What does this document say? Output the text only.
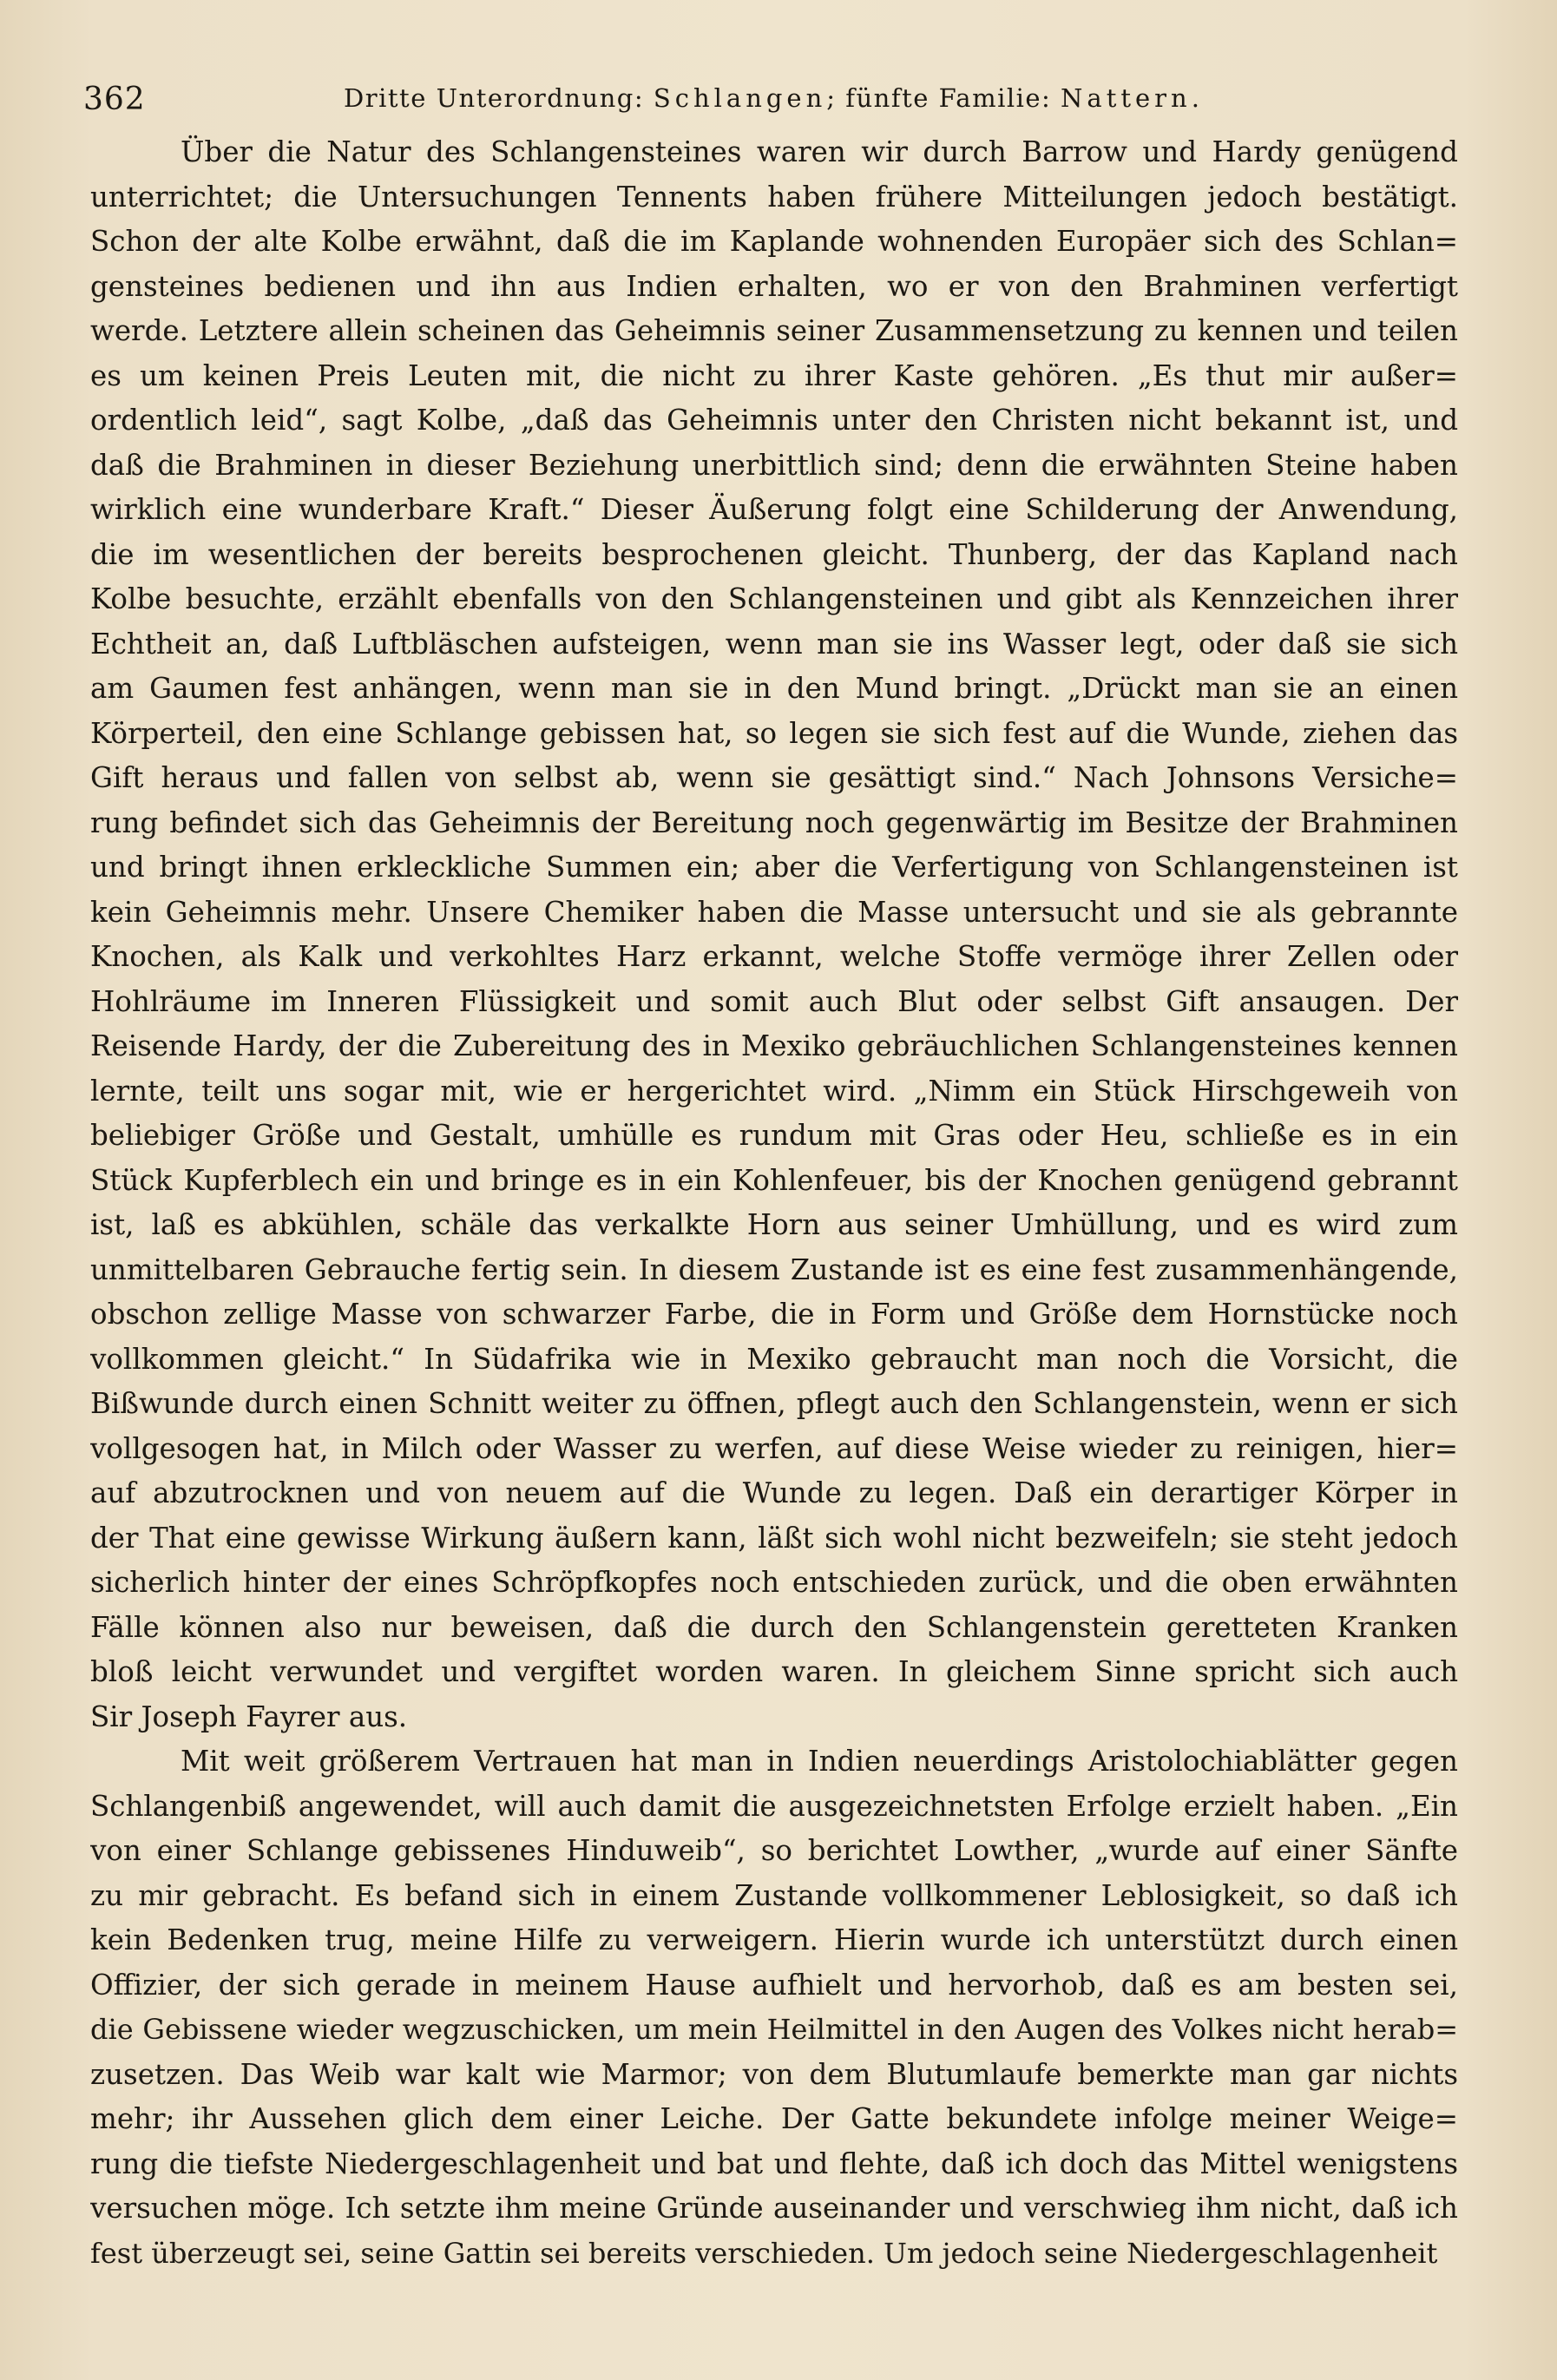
362	Dritte Unterordnung: Schlangen; fünfte Familie: Nattern.
Über die Natur des Schlangensteines waren wir durch Barrow und Hardy genügend
unterrichtet; die Untersuchungen Tennents haben frühere Mitteilungen jedoch bestätigt.
Schon der alte Kolbe erwähnt, daß die im Kaplande wohnenden Europäer sich des Schlan=
gensteines bedienen und ihn aus Indien erhalten, wo er von den Brahminen verfertigt
werde. Letztere allein scheinen das Geheimnis seiner Zusammensetzung zu kennen und teilen
es um keinen Preis Leuten mit, die nicht zu ihrer Kaste gehören. „Es thut mir außer=
ordentlich leid“, sagt Kolbe, „daß das Geheimnis unter den Christen nicht bekannt ist, und
daß die Brahminen in dieser Beziehung unerbittlich sind; denn die erwähnten Steine haben
wirklich eine wunderbare Kraft.“ Dieser Äußerung folgt eine Schilderung der Anwendung,
die im wesentlichen der bereits besprochenen gleicht. Thunberg, der das Kapland nach
Kolbe besuchte, erzählt ebenfalls von den Schlangensteinen und gibt als Kennzeichen ihrer
Echtheit an, daß Luftbläschen aufsteigen, wenn man sie ins Wasser legt, oder daß sie sich
am Gaumen fest anhängen, wenn man sie in den Mund bringt. „Drückt man sie an einen
Körperteil, den eine Schlange gebissen hat, so legen sie sich fest auf die Wunde, ziehen das
Gift heraus und fallen von selbst ab, wenn sie gesättigt sind.“ Nach Johnsons Versiche=
rung befindet sich das Geheimnis der Bereitung noch gegenwärtig im Besitze der Brahminen
und bringt ihnen erkleckliche Summen ein; aber die Verfertigung von Schlangensteinen ist
kein Geheimnis mehr. Unsere Chemiker haben die Masse untersucht und sie als gebrannte
Knochen, als Kalk und verkohltes Harz erkannt, welche Stoffe vermöge ihrer Zellen oder
Hohlräume im Inneren Flüssigkeit und somit auch Blut oder selbst Gift ansaugen. Der
Reisende Hardy, der die Zubereitung des in Mexiko gebräuchlichen Schlangensteines kennen
lernte, teilt uns sogar mit, wie er hergerichtet wird. „Nimm ein Stück Hirschgeweih von
beliebiger Größe und Gestalt, umhülle es rundum mit Gras oder Heu, schließe es in ein
Stück Kupferblech ein und bringe es in ein Kohlenfeuer, bis der Knochen genügend gebrannt
ist, laß es abkühlen, schäle das verkalkte Horn aus seiner Umhüllung, und es wird zum
unmittelbaren Gebrauche fertig sein. In diesem Zustande ist es eine fest zusammenhängende,
obschon zellige Masse von schwarzer Farbe, die in Form und Größe dem Hornstücke noch
vollkommen gleicht.“ In Südafrika wie in Mexiko gebraucht man noch die Vorsicht, die
Bißwunde durch einen Schnitt weiter zu öffnen, pflegt auch den Schlangenstein, wenn er sich
vollgesogen hat, in Milch oder Wasser zu werfen, auf diese Weise wieder zu reinigen, hier=
auf abzutrocknen und von neuem auf die Wunde zu legen. Daß ein derartiger Körper in
der That eine gewisse Wirkung äußern kann, läßt sich wohl nicht bezweifeln; sie steht jedoch
sicherlich hinter der eines Schröpfkopfes noch entschieden zurück, und die oben erwähnten
Fälle können also nur beweisen, daß die durch den Schlangenstein geretteten Kranken
bloß leicht verwundet und vergiftet worden waren. In gleichem Sinne spricht sich auch
Sir Joseph Fayrer aus.
Mit weit größerem Vertrauen hat man in Indien neuerdings Aristolochiablätter gegen
Schlangenbiß angewendet, will auch damit die ausgezeichnetsten Erfolge erzielt haben. „Ein
von einer Schlange gebissenes Hinduweib“, so berichtet Lowther, „wurde auf einer Sänfte
zu mir gebracht. Es befand sich in einem Zustande vollkommener Leblosigkeit, so daß ich
kein Bedenken trug, meine Hilfe zu verweigern. Hierin wurde ich unterstützt durch einen
Offizier, der sich gerade in meinem Hause aufhielt und hervorhob, daß es am besten sei,
die Gebissene wieder wegzuschicken, um mein Heilmittel in den Augen des Volkes nicht herab=
zusetzen. Das Weib war kalt wie Marmor; von dem Blutumlaufe bemerkte man gar nichts
mehr; ihr Aussehen glich dem einer Leiche. Der Gatte bekundete infolge meiner Weige=
rung die tiefste Niedergeschlagenheit und bat und flehte, daß ich doch das Mittel wenigstens
versuchen möge. Ich setzte ihm meine Gründe auseinander und verschwieg ihm nicht, daß ich
fest überzeugt sei, seine Gattin sei bereits verschieden. Um jedoch seine Niedergeschlagenheit
